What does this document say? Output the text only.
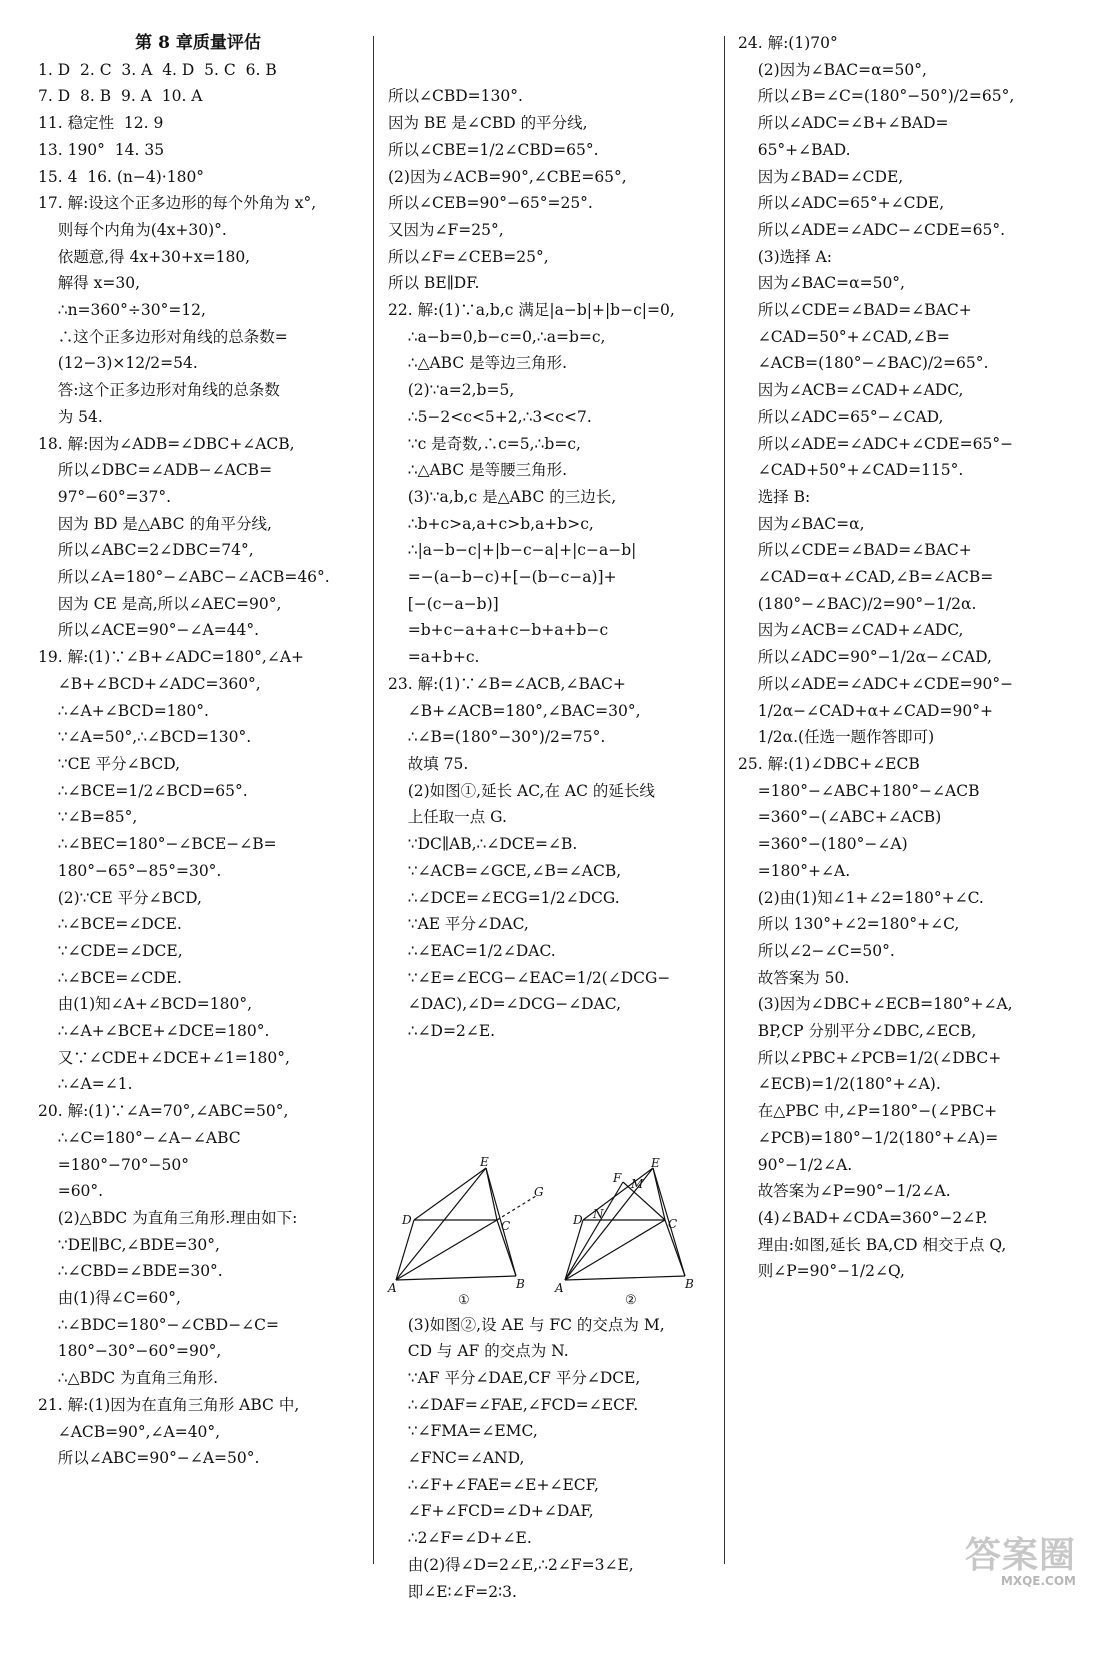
第 8 章质量评估
1. D  2. C  3. A  4. D  5. C  6. B
7. D  8. B  9. A  10. A
11. 稳定性  12. 9
13. 190°  14. 35
15. 4  16. (n−4)·180°
17. 解:设这个正多边形的每个外角为 x°,
则每个内角为(4x+30)°.
依题意,得 4x+30+x=180,
解得 x=30,
∴n=360°÷30°=12,
∴这个正多边形对角线的总条数=
(12−3)×12/2=54.
答:这个正多边形对角线的总条数
为 54.
18. 解:因为∠ADB=∠DBC+∠ACB,
所以∠DBC=∠ADB−∠ACB=
97°−60°=37°.
因为 BD 是△ABC 的角平分线,
所以∠ABC=2∠DBC=74°,
所以∠A=180°−∠ABC−∠ACB=46°.
因为 CE 是高,所以∠AEC=90°,
所以∠ACE=90°−∠A=44°.
19. 解:(1)∵∠B+∠ADC=180°,∠A+
∠B+∠BCD+∠ADC=360°,
∴∠A+∠BCD=180°.
∵∠A=50°,∴∠BCD=130°.
∵CE 平分∠BCD,
∴∠BCE=1/2∠BCD=65°.
∵∠B=85°,
∴∠BEC=180°−∠BCE−∠B=
180°−65°−85°=30°.
(2)∵CE 平分∠BCD,
∴∠BCE=∠DCE.
∵∠CDE=∠DCE,
∴∠BCE=∠CDE.
由(1)知∠A+∠BCD=180°,
∴∠A+∠BCE+∠DCE=180°.
又∵∠CDE+∠DCE+∠1=180°,
∴∠A=∠1.
20. 解:(1)∵∠A=70°,∠ABC=50°,
∴∠C=180°−∠A−∠ABC
=180°−70°−50°
=60°.
(2)△BDC 为直角三角形.理由如下:
∵DE∥BC,∠BDE=30°,
∴∠CBD=∠BDE=30°.
由(1)得∠C=60°,
∴∠BDC=180°−∠CBD−∠C=
180°−30°−60°=90°,
∴△BDC 为直角三角形.
21. 解:(1)因为在直角三角形 ABC 中,
∠ACB=90°,∠A=40°,
所以∠ABC=90°−∠A=50°.

所以∠CBD=130°.
因为 BE 是∠CBD 的平分线,
所以∠CBE=1/2∠CBD=65°.
(2)因为∠ACB=90°,∠CBE=65°,
所以∠CEB=90°−65°=25°.
又因为∠F=25°,
所以∠F=∠CEB=25°,
所以 BE∥DF.
22. 解:(1)∵a,b,c 满足|a−b|+|b−c|=0,
∴a−b=0,b−c=0,∴a=b=c,
∴△ABC 是等边三角形.
(2)∵a=2,b=5,
∴5−2<c<5+2,∴3<c<7.
∵c 是奇数,∴c=5,∴b=c,
∴△ABC 是等腰三角形.
(3)∵a,b,c 是△ABC 的三边长,
∴b+c>a,a+c>b,a+b>c,
∴|a−b−c|+|b−c−a|+|c−a−b|
=−(a−b−c)+[−(b−c−a)]+
[−(c−a−b)]
=b+c−a+a+c−b+a+b−c
=a+b+c.
23. 解:(1)∵∠B=∠ACB,∠BAC+
∠B+∠ACB=180°,∠BAC=30°,
∴∠B=(180°−30°)/2=75°.
故填 75.
(2)如图①,延长 AC,在 AC 的延长线
上任取一点 G.
∵DC∥AB,∴∠DCE=∠B.
∵∠ACB=∠GCE,∠B=∠ACB,
∴∠DCE=∠ECG=1/2∠DCG.
∵AE 平分∠DAC,
∴∠EAC=1/2∠DAC.
∵∠E=∠ECG−∠EAC=1/2(∠DCG−
∠DAC),∠D=∠DCG−∠DAC,
∴∠D=2∠E.

E
G
D	C
A	B
①

E
F M
N
D	C
A	B
②

(3)如图②,设 AE 与 FC 的交点为 M,
CD 与 AF 的交点为 N.
∵AF 平分∠DAE,CF 平分∠DCE,
∴∠DAF=∠FAE,∠FCD=∠ECF.
∵∠FMA=∠EMC,
∠FNC=∠AND,
∴∠F+∠FAE=∠E+∠ECF,
∠F+∠FCD=∠D+∠DAF,
∴2∠F=∠D+∠E.
由(2)得∠D=2∠E,∴2∠F=3∠E,
即∠E∶∠F=2∶3.

24. 解:(1)70°
(2)因为∠BAC=α=50°,
所以∠B=∠C=(180°−50°)/2=65°,
所以∠ADC=∠B+∠BAD=
65°+∠BAD.
因为∠BAD=∠CDE,
所以∠ADC=65°+∠CDE,
所以∠ADE=∠ADC−∠CDE=65°.
(3)选择 A:
因为∠BAC=α=50°,
所以∠CDE=∠BAD=∠BAC+
∠CAD=50°+∠CAD,∠B=
∠ACB=(180°−∠BAC)/2=65°.
因为∠ACB=∠CAD+∠ADC,
所以∠ADC=65°−∠CAD,
所以∠ADE=∠ADC+∠CDE=65°−
∠CAD+50°+∠CAD=115°.
选择 B:
因为∠BAC=α,
所以∠CDE=∠BAD=∠BAC+
∠CAD=α+∠CAD,∠B=∠ACB=
(180°−∠BAC)/2=90°−1/2α.
因为∠ACB=∠CAD+∠ADC,
所以∠ADC=90°−1/2α−∠CAD,
所以∠ADE=∠ADC+∠CDE=90°−
1/2α−∠CAD+α+∠CAD=90°+
1/2α.(任选一题作答即可)
25. 解:(1)∠DBC+∠ECB
=180°−∠ABC+180°−∠ACB
=360°−(∠ABC+∠ACB)
=360°−(180°−∠A)
=180°+∠A.
(2)由(1)知∠1+∠2=180°+∠C.
所以 130°+∠2=180°+∠C,
所以∠2−∠C=50°.
故答案为 50.
(3)因为∠DBC+∠ECB=180°+∠A,
BP,CP 分别平分∠DBC,∠ECB,
所以∠PBC+∠PCB=1/2(∠DBC+
∠ECB)=1/2(180°+∠A).
在△PBC 中,∠P=180°−(∠PBC+
∠PCB)=180°−1/2(180°+∠A)=
90°−1/2∠A.
故答案为∠P=90°−1/2∠A.
(4)∠BAD+∠CDA=360°−2∠P.
理由:如图,延长 BA,CD 相交于点 Q,
则∠P=90°−1/2∠Q,
答案圈
MXQE.COM
